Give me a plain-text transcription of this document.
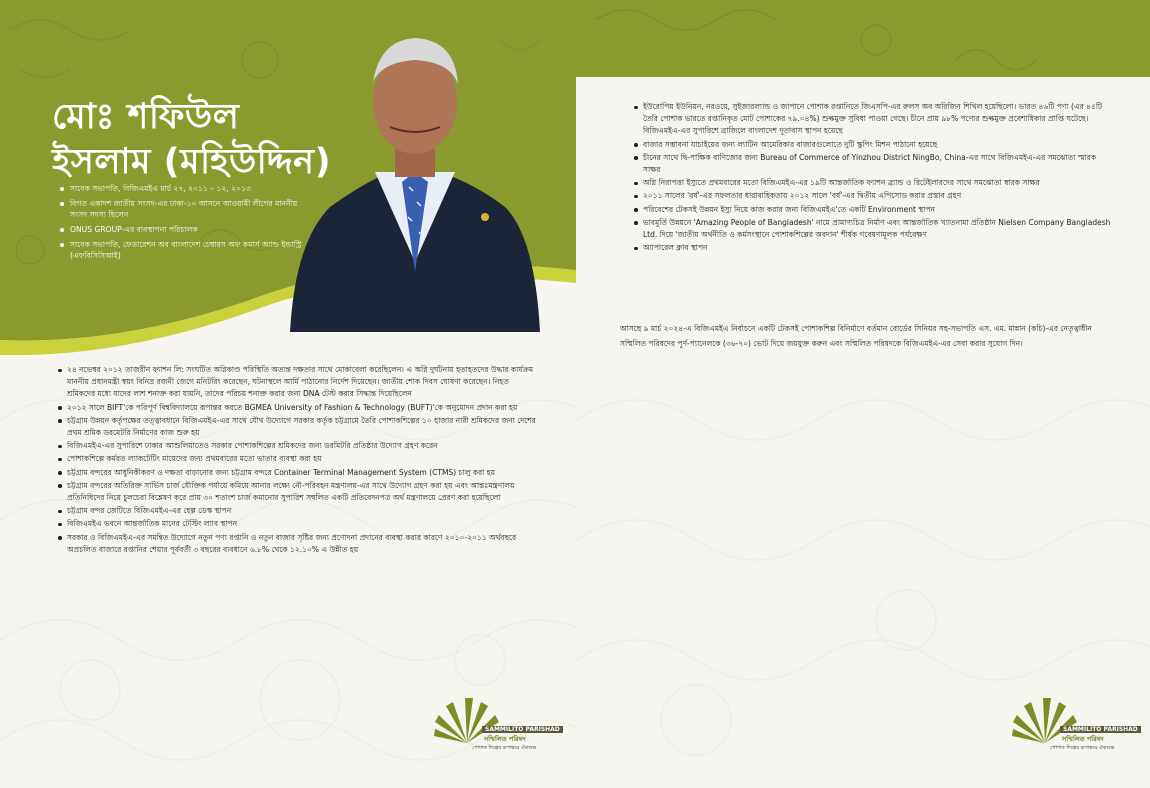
মোঃ শফিউল
ইসলাম (মহিউদ্দিন)
সাবেক সভাপতি, বিজিএমইএ মার্চ ২৭, ২০১১ – ১২, ২০১৩
বিগত একাদশ জাতীয় সংসদ-এর ঢাকা-১০ আসনে আওয়ামী লীগের মাননীয় সংসদ সদস্য ছিলেন
ONUS GROUP-এর ব্যবস্থাপনা পরিচালক
সাবেক সভাপতি, ফেডারেশন অব বাংলাদেশ চেম্বারস অফ কমার্স অ্যান্ড ইন্ডাস্ট্রি (এফবিসিসিআই)
২৪ নভেম্বর ২০১২ তাজরীন ফ্যাশন লি: সংঘটিত অগ্নিকাণ্ড পরিস্থিতি অত্যন্ত দক্ষতার সাথে মোকাবেলা করেছিলেন। এ অগ্নি দুর্ঘটনায় হতাহতদের উদ্ধার কার্যক্রম মাননীয় প্রধানমন্ত্রী স্বয়ং বিনিদ্র রজনী জেগে মনিটরিং করেছেন, ঘটনাস্থলে আর্মি পাঠানোর নির্দেশ দিয়েছেন। জাতীয় শোক দিবস ঘোষণা করেছেন। নিহত শ্রমিকদের মধ্যে যাদের লাশ শনাক্ত করা যায়নি, তাদের পরিচয় শনাক্ত করার জন্য DNA টেস্ট করার সিদ্ধান্ত দিয়েছিলেন
২০১২ সালে BIFT'কে পরিপূর্ণ বিশ্ববিদ্যালয়ে রূপান্তর করতে BGMEA University of Fashion & Technology (BUFT)'কে অনুমোদন প্রদান করা হয়
চট্টগ্রাম উন্নয়ন কর্তৃপক্ষের তত্ত্বাবধানে বিজিএমইএ-এর সাথে যৌথ উদ্যোগে সরকার কর্তৃক চট্টগ্রামে তৈরি পোশাকশিল্পের ১০ হাজার নারী শ্রমিকদের জন্য দেশের প্রথম শ্রমিক ডরমেটরি নির্মাণের কাজ শুরু হয়
বিজিএমইএ-এর সুপারিশে ঢাকার আশুলিয়াতেও সরকার পোশাকশিল্পের শ্রমিকদের জন্য ডরমিটরি প্রতিষ্ঠার উদ্যোগ গ্রহণ করেন
পোশাকশিল্পে কর্মরত ল্যাকটেটিং মায়েদের জন্য প্রথমবারের মতো ভাতার ব্যবস্থা করা হয়
চট্টগ্রাম বন্দরের আধুনিকীকরণ ও দক্ষতা বাড়ানোর জন্য চট্টগ্রাম বন্দরে Container Terminal Management System (CTMS) চালু করা হয়
চট্টগ্রাম বন্দরের অতিরিক্ত সার্ভিস চার্জ যৌক্তিক পর্যায়ে কমিয়ে আনার লক্ষ্যে নৌ-পরিবহন মন্ত্রণালয়-এর সাথে উদ্যোগ গ্রহণ করা হয় এবং আন্তঃমন্ত্রণালয় প্রতিনিধিদের নিয়ে চুলচেরা বিশ্লেষণ করে প্রায় ৩০ শতাংশ চার্জ কমানোর সুপারিশ সম্বলিত একটি প্রতিবেদনপত্র অর্থ মন্ত্রণালয়ে প্রেরণ করা হয়েছিলো
চট্টগ্রাম বন্দর জেটিতে বিজিএমইএ-এর হেল্প ডেস্ক স্থাপন
বিজিএমইএ ভবনে আন্তর্জাতিক মানের টেস্টিং ল্যাব স্থাপন
সরকার ও বিজিএমইএ-এর সমন্বিত উদ্যোগে নতুন পণ্য রপ্তানি ও নতুন বাজার সৃষ্টির জন্য প্রণোদনা প্রদানের ব্যবস্থা করার কারণে ২০১০-২০১১ অর্থবছরে অপ্রচলিত বাজারে রপ্তানির শেয়ার পূর্ববর্তী ৩ বছরের ব্যবধানে ৬.৮% থেকে ১২.১০% এ উন্নীত হয়
SAMMILITO PARISHAD
সম্মিলিত পরিষদ
পোশাক শিল্পের রূপান্তরে ঐক্যবদ্ধ
ইউরোপিয় ইউনিয়ন, নরওয়ে, সুইজারল্যান্ড ও জাপানে পোশাক রপ্তানিতে জিএসপি-এর রুলস অব অরিজিন শিথিল হয়েছিলো। ভারত ৪৬টি পণ্য (এর ৪৫টি তৈরি পোশাক ভারতে রপ্তানিকৃত মোট পোশাকের ৭৯.০৪%) শুল্কমুক্ত সুবিধা পাওয়া গেছে। চীনে প্রায় ৯৮% পণ্যের শুল্কমুক্ত প্রবেশাধিকার প্রাপ্তি ঘটেছে। বিজিএমইএ-এর সুপারিশে ব্রাজিলে বাংলাদেশ দূতাবাস স্থাপন হয়েছে
বাজার সম্ভাবনা যাচাইয়ের জন্য ল্যাটিন আমেরিকার বাজারগুলোতে দুটি স্কুপিং মিশন পাঠানো হয়েছে
চীনের সাথে দ্বি-পাক্ষিক বাণিজ্যের জন্য Bureau of Commerce of Yinzhou District NingBo, China-এর সাথে বিজিএমইএ-এর সমঝোতা স্মারক সাক্ষর
অগ্নি নিরাপত্তা ইস্যুতে প্রথমবারের মতো বিজিএমইএ-এর ১৯টি আন্তর্জাতিক ফ্যাশন ব্র্যান্ড ও রিটেইলারদের সাথে সমঝোতা স্বারক সাক্ষর
২০১১ সালের 'বর্ষ'-এর সফলতার ধারাবাহিকতায় ২০১২ সালে 'বর্ষ'-এর দ্বিতীয় এপিসোড করার প্রস্তাব গ্রহণ
পরিবেশের টেকসই উন্নয়ন ইস্যু নিয়ে কাজ করার জন্য বিজিএমইএ'তে একটি Environment স্থাপন
ভাবমূর্তি উন্নয়নে 'Amazing People of Bangladesh' নামে প্রামাণ্যচিত্র নির্মাণ এবং আন্তর্জাতিক খ্যাতনামা প্রতিষ্ঠান Nielsen Company Bangladesh Ltd. দিয়ে 'জাতীয় অর্থনীতি ও কর্মসংস্থানে পোশাকশিল্পের অবদান' শীর্ষক গবেষণামূলক পর্যবেক্ষণ
অ্যাপারেল ক্লাব স্থাপন

আসছে ৯ মার্চ ২০২৪-এ বিজিএমইএ নির্বাচনে একটি টেকসই পোশাকশিল্প বিনির্মাণে বর্তমান বোর্ডের সিনিয়র সহ-সভাপতি এস. এম. মান্নান (কচি)-এর নেতৃত্বাধীন সম্মিলিত পরিষদের পূর্ণ-প্যানেলকে (৩৬-৭০) ভোট দিয়ে জয়যুক্ত করুন এবং সম্মিলিত পরিষদকে বিজিএমইএ-এর সেবা করার সুযোগ দিন।

SAMMILITO PARISHAD
সম্মিলিত পরিষদ
পোশাক শিল্পের রূপান্তরে ঐক্যবদ্ধ
